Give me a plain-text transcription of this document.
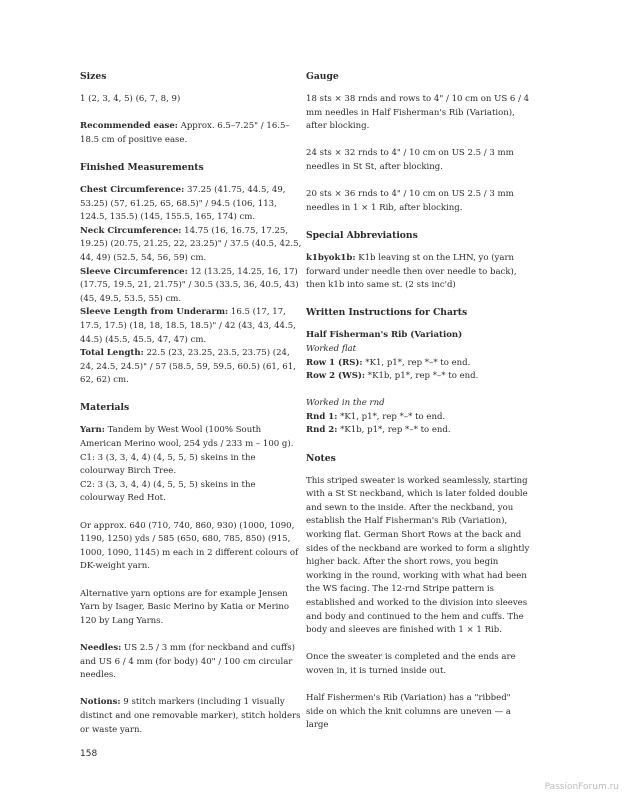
Sizes

1 (2, 3, 4, 5) (6, 7, 8, 9)

Recommended ease: Approx. 6.5–7.25" / 16.5–18.5 cm of positive ease.

Finished Measurements

Chest Circumference: 37.25 (41.75, 44.5, 49, 53.25) (57, 61.25, 65, 68.5)" / 94.5 (106, 113, 124.5, 135.5) (145, 155.5, 165, 174) cm.
Neck Circumference: 14.75 (16, 16.75, 17.25, 19.25) (20.75, 21.25, 22, 23.25)" / 37.5 (40.5, 42.5, 44, 49) (52.5, 54, 56, 59) cm.
Sleeve Circumference: 12 (13.25, 14.25, 16, 17) (17.75, 19.5, 21, 21.75)" / 30.5 (33.5, 36, 40.5, 43) (45, 49.5, 53.5, 55) cm.
Sleeve Length from Underarm: 16.5 (17, 17, 17.5, 17.5) (18, 18, 18.5, 18.5)" / 42 (43, 43, 44.5, 44.5) (45.5, 45.5, 47, 47) cm.
Total Length: 22.5 (23, 23.25, 23.5, 23.75) (24, 24, 24.5, 24.5)" / 57 (58.5, 59, 59.5, 60.5) (61, 61, 62, 62) cm.

Materials

Yarn: Tandem by West Wool (100% South American Merino wool, 254 yds / 233 m – 100 g).
C1: 3 (3, 3, 4, 4) (4, 5, 5, 5) skeins in the colourway Birch Tree.
C2: 3 (3, 3, 4, 4) (4, 5, 5, 5) skeins in the colourway Red Hot.

Or approx. 640 (710, 740, 860, 930) (1000, 1090, 1190, 1250) yds / 585 (650, 680, 785, 850) (915, 1000, 1090, 1145) m each in 2 different colours of DK-weight yarn.

Alternative yarn options are for example Jensen Yarn by Isager, Basic Merino by Katia or Merino 120 by Lang Yarns.

Needles: US 2.5 / 3 mm (for neckband and cuffs) and US 6 / 4 mm (for body) 40" / 100 cm circular needles.

Notions: 9 stitch markers (including 1 visually distinct and one removable marker), stitch holders or waste yarn.

Gauge

18 sts × 38 rnds and rows to 4" / 10 cm on US 6 / 4 mm needles in Half Fisherman's Rib (Variation), after blocking.

24 sts × 32 rnds to 4" / 10 cm on US 2.5 / 3 mm needles in St St, after blocking.

20 sts × 36 rnds to 4" / 10 cm on US 2.5 / 3 mm needles in 1 × 1 Rib, after blocking.

Special Abbreviations

k1byok1b: K1b leaving st on the LHN, yo (yarn forward under needle then over needle to back), then k1b into same st. (2 sts inc'd)

Written Instructions for Charts

Half Fisherman's Rib (Variation)
Worked flat
Row 1 (RS): *K1, p1*, rep *–* to end.
Row 2 (WS): *K1b, p1*, rep *–* to end.

Worked in the rnd
Rnd 1: *K1, p1*, rep *–* to end.
Rnd 2: *K1b, p1*, rep *–* to end.

Notes

This striped sweater is worked seamlessly, starting with a St St neckband, which is later folded double and sewn to the inside. After the neckband, you establish the Half Fisherman's Rib (Variation), working flat. German Short Rows at the back and sides of the neckband are worked to form a slightly higher back. After the short rows, you begin working in the round, working with what had been the WS facing. The 12-rnd Stripe pattern is established and worked to the division into sleeves and body and continued to the hem and cuffs. The body and sleeves are finished with 1 × 1 Rib.

Once the sweater is completed and the ends are woven in, it is turned inside out.

Half Fishermen's Rib (Variation) has a "ribbed" side on which the knit columns are uneven — a large

158
PassionForum.ru
